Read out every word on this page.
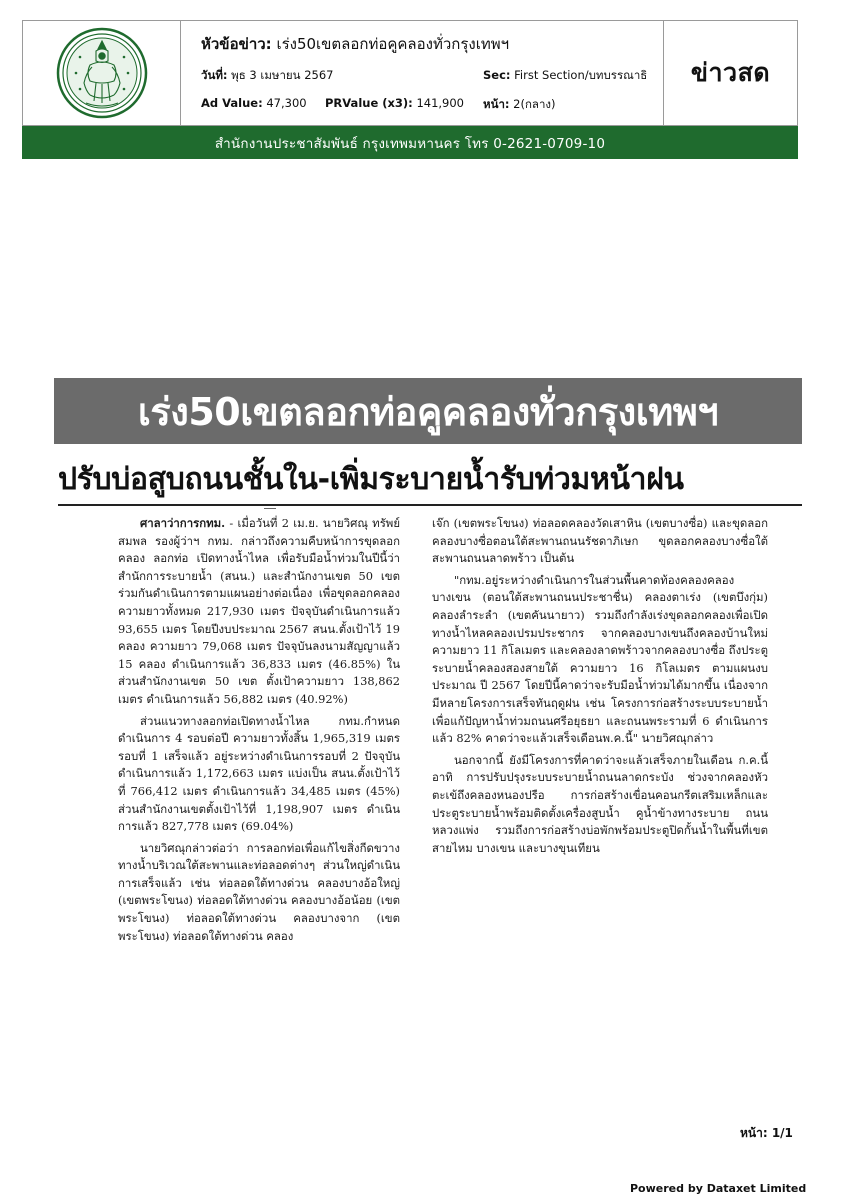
หัวข้อข่าว: เร่ง50เขตลอกท่อคูคลองทั่วกรุงเทพฯ
วันที่: พุธ 3 เมษายน 2567	Sec: First Section/บทบรรณาธิ
Ad Value: 47,300 PRValue (x3): 141,900 หน้า: 2(กลาง)
ข่าวสด
สำนักงานประชาสัมพันธ์ กรุงเทพมหานคร โทร 0-2621-0709-10
เร่ง50เขตลอกท่อคูคลองทั่วกรุงเทพฯ
ปรับบ่อสูบถนนชั้นใน-เพิ่มระบายน้ำรับท่วมหน้าฝน

ศาลาว่าการกทม. - เมื่อวันที่ 2 เม.ย. นายวิศณุ ทรัพย์สมพล รองผู้ว่าฯ กทม. กล่าวถึงความคืบหน้าการขุดลอกคลอง ลอกท่อ เปิดทางน้ำไหล เพื่อรับมือน้ำท่วมในปีนี้ว่า สำนักการระบายน้ำ (สนน.) และสำนักงานเขต 50 เขต ร่วมกันดำเนินการตามแผนอย่างต่อเนื่อง เพื่อขุดลอกคลองความยาวทั้งหมด 217,930 เมตร ปัจจุบันดำเนินการแล้ว 93,655 เมตร โดยปีงบประมาณ 2567 สนน.ตั้งเป้าไว้ 19 คลอง ความยาว 79,068 เมตร ปัจจุบันลงนามสัญญาแล้ว 15 คลอง ดำเนินการแล้ว 36,833 เมตร (46.85%) ในส่วนสำนักงานเขต 50 เขต ตั้งเป้าความยาว 138,862 เมตร ดำเนินการแล้ว 56,882 เมตร (40.92%)

ส่วนแนวทางลอกท่อเปิดทางน้ำไหล กทม.กำหนดดำเนินการ 4 รอบต่อปี ความยาวทั้งสิ้น 1,965,319 เมตร รอบที่ 1 เสร็จแล้ว อยู่ระหว่างดำเนินการรอบที่ 2 ปัจจุบันดำเนินการแล้ว 1,172,663 เมตร แบ่งเป็น สนน.ตั้งเป้าไว้ที่ 766,412 เมตร ดำเนินการแล้ว 34,485 เมตร (45%) ส่วนสำนักงานเขตตั้งเป้าไว้ที่ 1,198,907 เมตร ดำเนินการแล้ว 827,778 เมตร (69.04%)

นายวิศณุกล่าวต่อว่า การลอกท่อเพื่อแก้ไขสิ่งกีดขวางทางน้ำบริเวณใต้สะพานและท่อลอดต่างๆ ส่วนใหญ่ดำเนินการเสร็จแล้ว เช่น ท่อลอดใต้ทางด่วน คลองบางอ้อใหญ่ (เขตพระโขนง) ท่อลอดใต้ทางด่วน คลองบางอ้อน้อย (เขตพระโขนง) ท่อลอดใต้ทางด่วน คลองบางจาก (เขตพระโขนง) ท่อลอดใต้ทางด่วน คลอง

เจ๊ก (เขตพระโขนง) ท่อลอดคลองวัดเสาหิน (เขตบางซื่อ) และขุดลอกคลองบางซื่อตอนใต้สะพานถนนรัชดาภิเษก ขุดลอกคลองบางซื่อใต้สะพานถนนลาดพร้าว เป็นต้น

"กทม.อยู่ระหว่างดำเนินการในส่วนพื้นคาดท้องคลองคลองบางเขน (ตอนใต้สะพานถนนประชาชื่น) คลองตาเร่ง (เขตบึงกุ่ม) คลองลำระลำ (เขตคันนายาว) รวมถึงกำลังเร่งขุดลอกคลองเพื่อเปิดทางน้ำไหลคลองเปรมประชากร จากคลองบางเขนถึงคลองบ้านใหม่ ความยาว 11 กิโลเมตร และคลองลาดพร้าวจากคลองบางซื่อ ถึงประตูระบายน้ำคลองสองสายใต้ ความยาว 16 กิโลเมตร ตามแผนงบประมาณ ปี 2567 โดยปีนี้คาดว่าจะรับมือน้ำท่วมได้มากขึ้น เนื่องจากมีหลายโครงการเสร็จทันฤดูฝน เช่น โครงการก่อสร้างระบบระบายน้ำเพื่อแก้ปัญหาน้ำท่วมถนนศรีอยุธยา และถนนพระรามที่ 6 ดำเนินการแล้ว 82% คาดว่าจะแล้วเสร็จเดือนพ.ค.นี้" นายวิศณุกล่าว

นอกจากนี้ ยังมีโครงการที่คาดว่าจะแล้วเสร็จภายในเดือน ก.ค.นี้ อาทิ การปรับปรุงระบบระบายน้ำถนนลาดกระบัง ช่วงจากคลองหัวตะเข้ถึงคลองหนองปรือ การก่อสร้างเขื่อนคอนกรีตเสริมเหล็กและประตูระบายน้ำพร้อมติดตั้งเครื่องสูบน้ำ คูน้ำข้างทางระบาย ถนนหลวงแพ่ง รวมถึงการก่อสร้างบ่อพักพร้อมประตูปิดกั้นน้ำในพื้นที่เขตสายไหม บางเขน และบางขุนเทียน

หน้า: 1/1
Powered by Dataxet Limited
